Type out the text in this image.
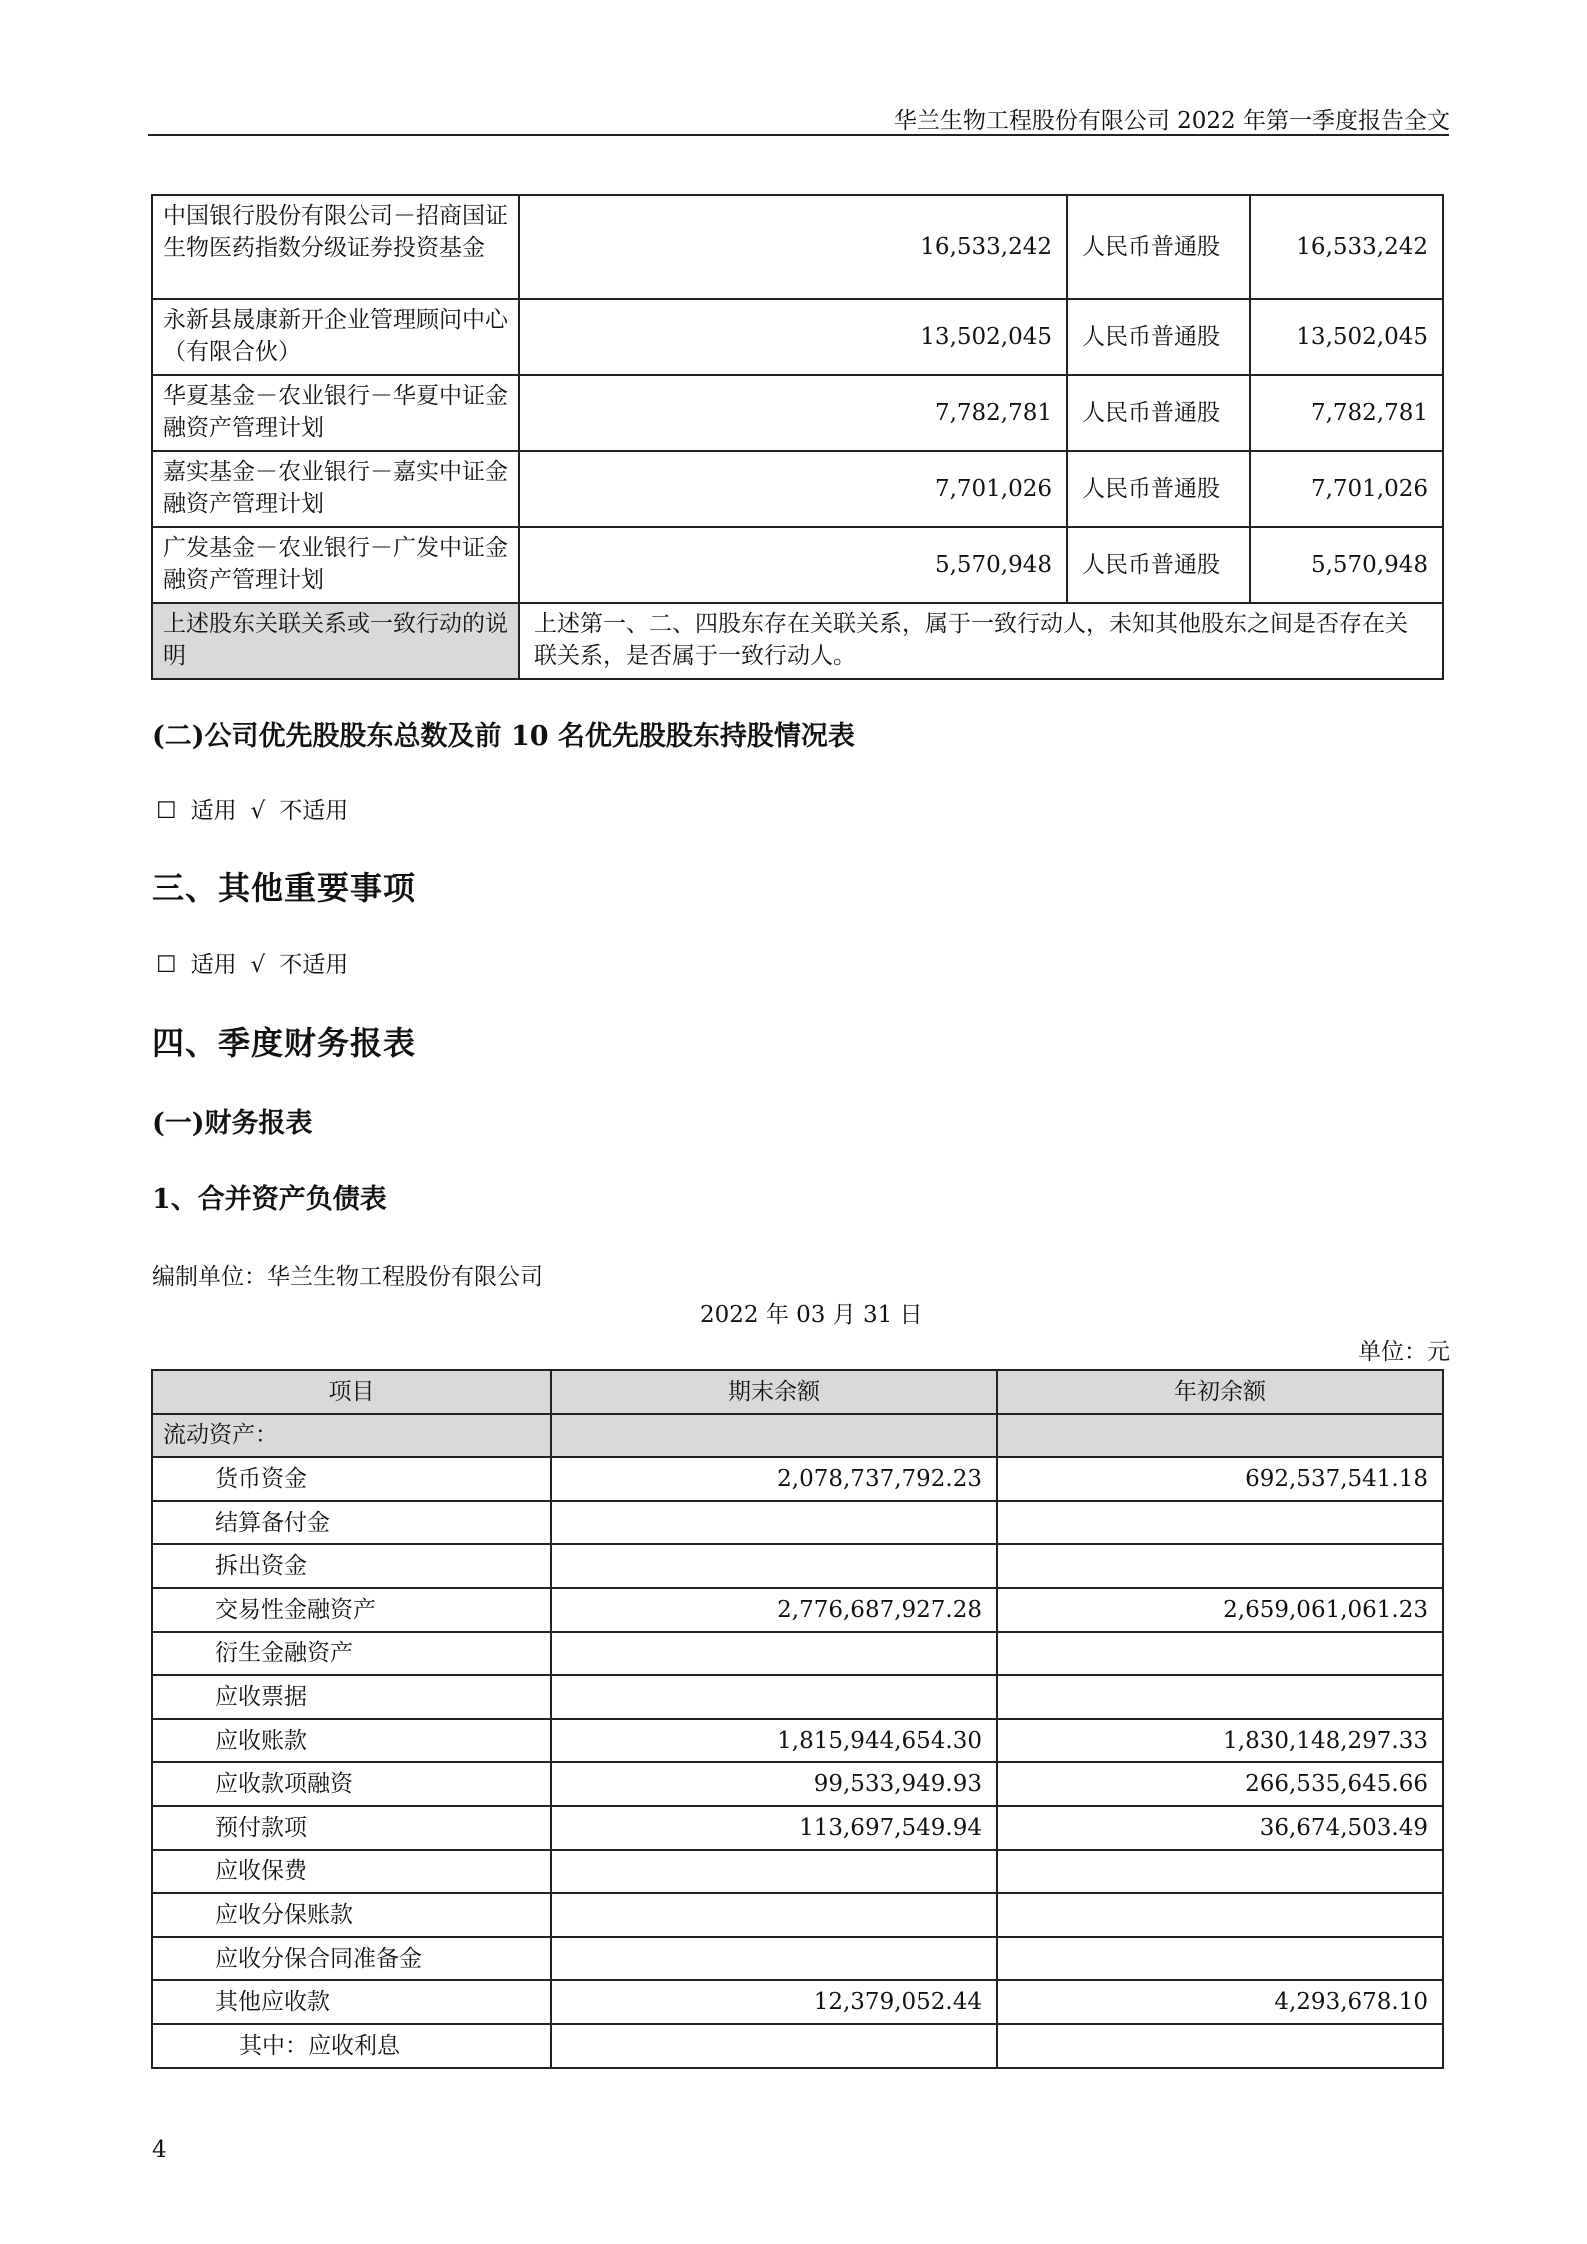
华兰生物工程股份有限公司 2022 年第一季度报告全文
中国银行股份有限公司－招商国证生物医药指数分级证券投资基金	16,533,242	人民币普通股	16,533,242
永新县晟康新开企业管理顾问中心（有限合伙）	13,502,045	人民币普通股	13,502,045
华夏基金－农业银行－华夏中证金融资产管理计划	7,782,781	人民币普通股	7,782,781
嘉实基金－农业银行－嘉实中证金融资产管理计划	7,701,026	人民币普通股	7,701,026
广发基金－农业银行－广发中证金融资产管理计划	5,570,948	人民币普通股	5,570,948
上述股东关联关系或一致行动的说明	上述第一、二、四股东存在关联关系，属于一致行动人，未知其他股东之间是否存在关联关系，是否属于一致行动人。		
(二)公司优先股股东总数及前 10 名优先股股东持股情况表
☐ 适用 √ 不适用
三、其他重要事项
☐ 适用 √ 不适用
四、季度财务报表
(一)财务报表
1、合并资产负债表
编制单位：华兰生物工程股份有限公司
2022 年 03 月 31 日
单位：元
项目	期末余额	年初余额
流动资产：		
货币资金	2,078,737,792.23	692,537,541.18
结算备付金		
拆出资金		
交易性金融资产	2,776,687,927.28	2,659,061,061.23
衍生金融资产		
应收票据		
应收账款	1,815,944,654.30	1,830,148,297.33
应收款项融资	99,533,949.93	266,535,645.66
预付款项	113,697,549.94	36,674,503.49
应收保费		
应收分保账款		
应收分保合同准备金		
其他应收款	12,379,052.44	4,293,678.10
其中：应收利息		
4
